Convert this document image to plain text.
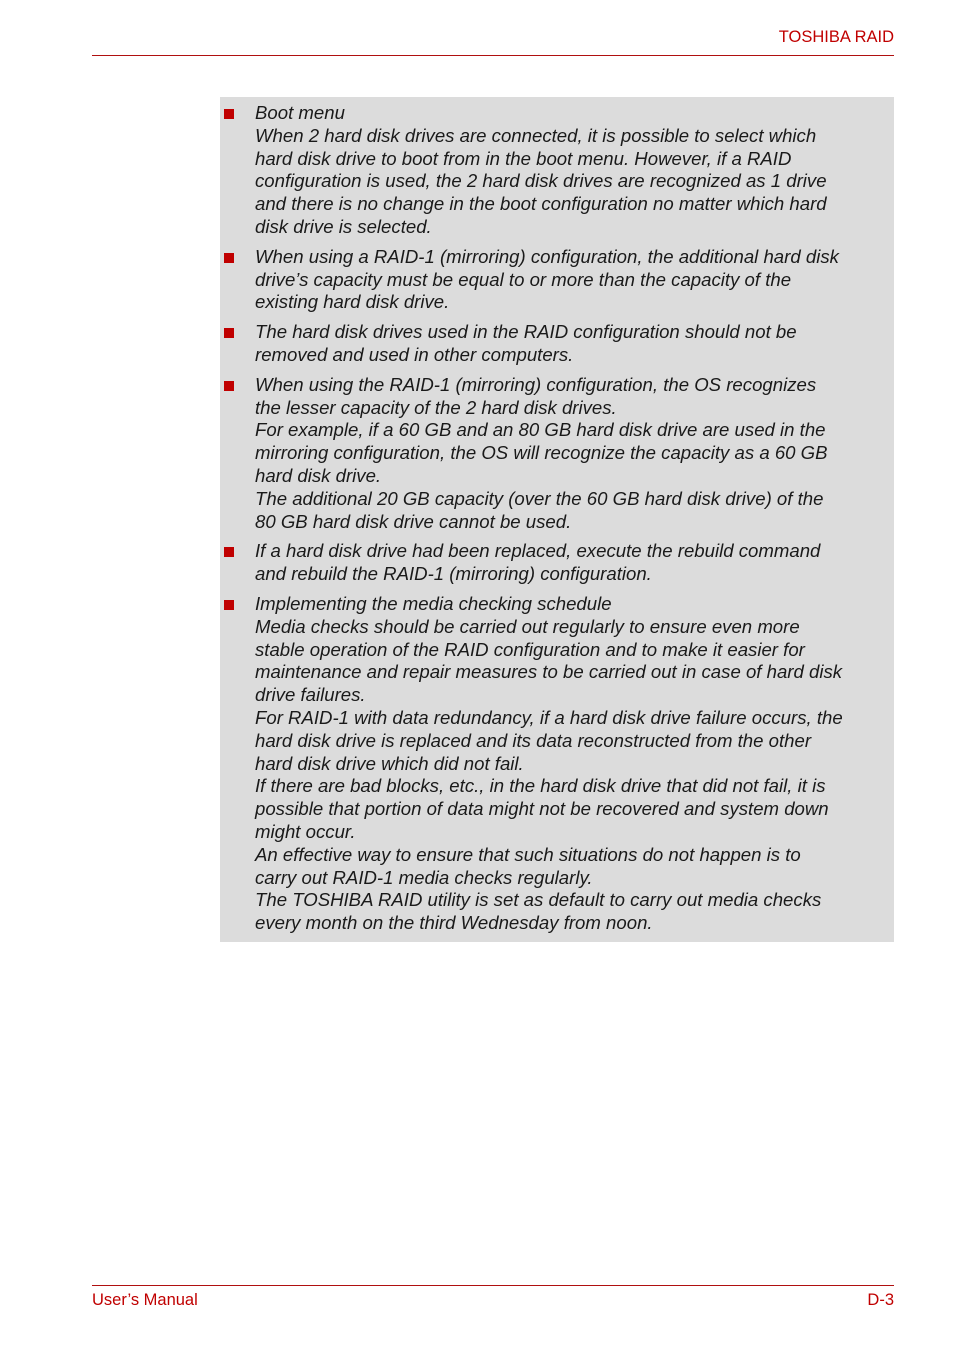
TOSHIBA RAID
Boot menu
When 2 hard disk drives are connected, it is possible to select which
hard disk drive to boot from in the boot menu. However, if a RAID
configuration is used, the 2 hard disk drives are recognized as 1 drive
and there is no change in the boot configuration no matter which hard
disk drive is selected.
When using a RAID-1 (mirroring) configuration, the additional hard disk
drive’s capacity must be equal to or more than the capacity of the
existing hard disk drive.
The hard disk drives used in the RAID configuration should not be
removed and used in other computers.
When using the RAID-1 (mirroring) configuration, the OS recognizes
the lesser capacity of the 2 hard disk drives.
For example, if a 60 GB and an 80 GB hard disk drive are used in the
mirroring configuration, the OS will recognize the capacity as a 60 GB
hard disk drive.
The additional 20 GB capacity (over the 60 GB hard disk drive) of the
80 GB hard disk drive cannot be used.
If a hard disk drive had been replaced, execute the rebuild command
and rebuild the RAID-1 (mirroring) configuration.
Implementing the media checking schedule
Media checks should be carried out regularly to ensure even more
stable operation of the RAID configuration and to make it easier for
maintenance and repair measures to be carried out in case of hard disk
drive failures.
For RAID-1 with data redundancy, if a hard disk drive failure occurs, the
hard disk drive is replaced and its data reconstructed from the other
hard disk drive which did not fail.
If there are bad blocks, etc., in the hard disk drive that did not fail, it is
possible that portion of data might not be recovered and system down
might occur.
An effective way to ensure that such situations do not happen is to
carry out RAID-1 media checks regularly.
The TOSHIBA RAID utility is set as default to carry out media checks
every month on the third Wednesday from noon.
User’s Manual	D-3
